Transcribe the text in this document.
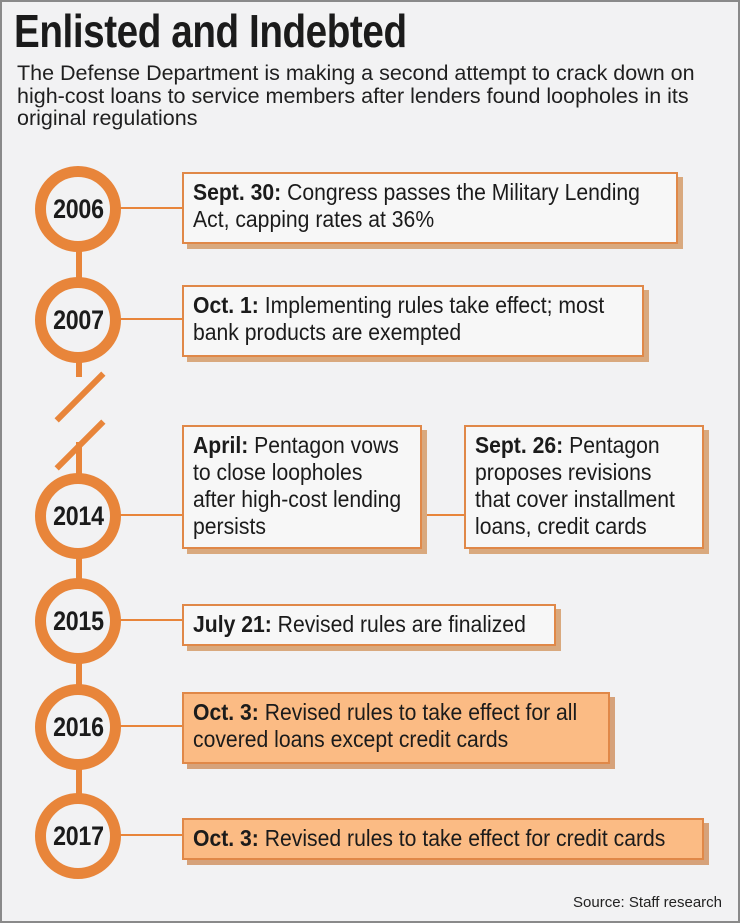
Enlisted and Indebted
The Defense Department is making a second attempt to crack down on high-cost loans to service members after lenders found loopholes in its original regulations
2006
2007
2014
2015
2016
2017
Sept. 30: Congress passes the Military Lending Act, capping rates at 36%
Oct. 1: Implementing rules take effect; most bank products are exempted
April: Pentagon vows to close loopholes after high-cost lending persists
Sept. 26: Pentagon proposes revisions that cover installment loans, credit cards
July 21: Revised rules are finalized
Oct. 3: Revised rules to take effect for all covered loans except credit cards
Oct. 3: Revised rules to take effect for credit cards
Source: Staff research
